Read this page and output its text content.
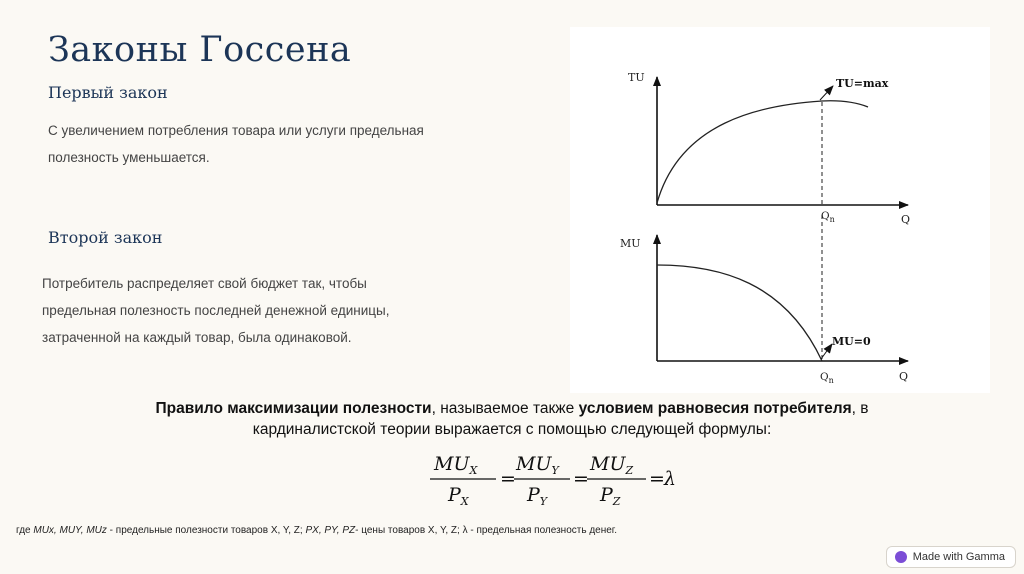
Законы Госсена
Первый закон
С увеличением потребления товара или услуги предельная
полезность уменьшается.
Второй закон
Потребитель распределяет свой бюджет так, чтобы
предельная полезность последней денежной единицы,
затраченной на каждый товар, была одинаковой.
TU
Q
$Q_n$
TU=max
MU
Q
$Q_n$
MU=0
Правило максимизации полезности, называемое также условием равновесия потребителя, в
кардиналистской теории выражается с помощью следующей формулы:
$MU_X$
$P_X$
=
$MU_Y$
$P_Y$
=
$MU_Z$
$P_Z$
= λ
где MUx, MUY, MUz - предельные полезности товаров X, Y, Z; PX, PY, PZ- цены товаров X, Y, Z; λ - предельная полезность денег.
Made with Gamma
